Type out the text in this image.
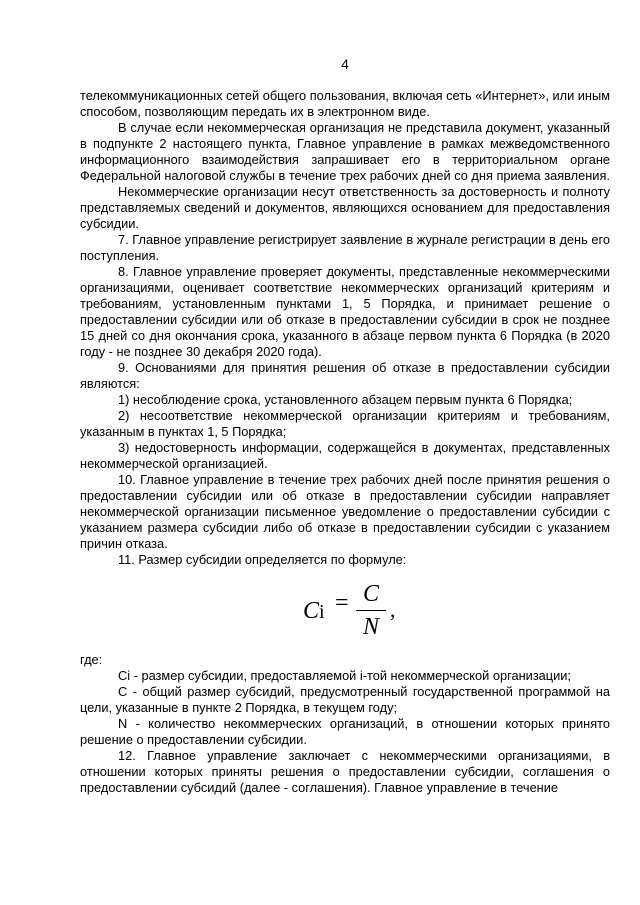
4

телекоммуникационных сетей общего пользования, включая сеть «Интернет», или иным способом, позволяющим передать их в электронном виде.

В случае если некоммерческая организация не представила документ, указанный в подпункте 2 настоящего пункта, Главное управление в рамках межведомственного информационного взаимодействия запрашивает его в территориальном органе Федеральной налоговой службы в течение трех рабочих дней со дня приема заявления.

Некоммерческие организации несут ответственность за достоверность и полноту представляемых сведений и документов, являющихся основанием для предоставления субсидии.

7. Главное управление регистрирует заявление в журнале регистрации в день его поступления.

8. Главное управление проверяет документы, представленные некоммерческими организациями, оценивает соответствие некоммерческих организаций критериям и требованиям, установленным пунктами 1, 5 Порядка, и принимает решение о предоставлении субсидии или об отказе в предоставлении субсидии в срок не позднее 15 дней со дня окончания срока, указанного в абзаце первом пункта 6 Порядка (в 2020 году - не позднее 30 декабря 2020 года).

9. Основаниями для принятия решения об отказе в предоставлении субсидии являются:

1) несоблюдение срока, установленного абзацем первым пункта 6 Порядка;

2) несоответствие некоммерческой организации критериям и требованиям, указанным в пунктах 1, 5 Порядка;

3) недостоверность информации, содержащейся в документах, представленных некоммерческой организацией.

10. Главное управление в течение трех рабочих дней после принятия решения о предоставлении субсидии или об отказе в предоставлении субсидии направляет некоммерческой организации письменное уведомление о предоставлении субсидии с указанием размера субсидии либо об отказе в предоставлении субсидии с указанием причин отказа.

11. Размер субсидии определяется по формуле:

Ci = C
N
,

где:

Ci - размер субсидии, предоставляемой i-той некоммерческой организации;

С - общий размер субсидий, предусмотренный государственной программой на цели, указанные в пункте 2 Порядка, в текущем году;

N - количество некоммерческих организаций, в отношении которых принято решение о предоставлении субсидии.

12. Главное управление заключает с некоммерческими организациями, в отношении которых приняты решения о предоставлении субсидии, соглашения о предоставлении субсидий (далее - соглашения). Главное управление в течение
